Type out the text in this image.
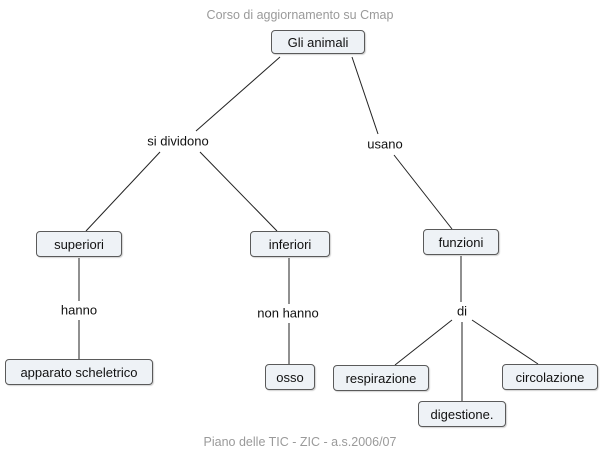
Corso di aggiornamento su Cmap
Gli animali
superiori	inferiori	funzioni
apparato scheletrico	osso	respirazione
digestione.
circolazione
si dividono	usano
hanno	non hanno	di
Piano delle TIC - ZIC - a.s.2006/07
